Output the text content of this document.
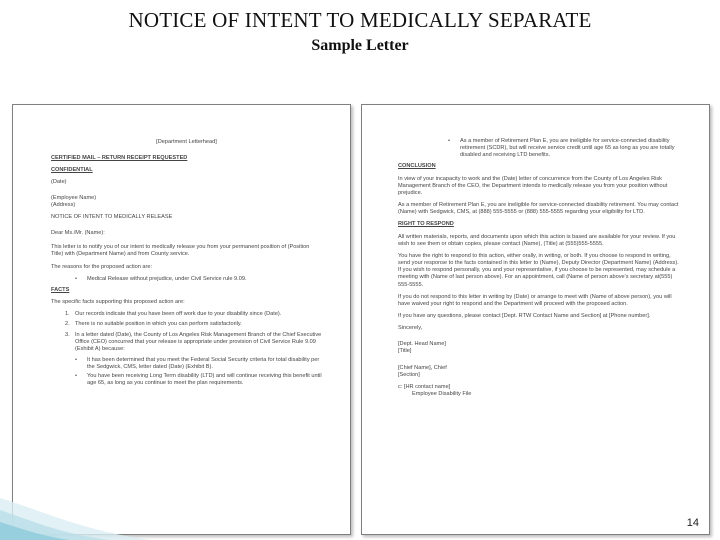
NOTICE OF INTENT TO MEDICALLY SEPARATE
Sample Letter

[Department Letterhead]

CERTIFIED MAIL – RETURN RECEIPT REQUESTED

CONFIDENTIAL

(Date)

(Employee Name)
(Address)

NOTICE OF INTENT TO MEDICALLY RELEASE

Dear Ms./Mr. (Name):

This letter is to notify you of our intent to medically release you from your permanent position of (Position Title) with (Department Name) and from County service.

The reasons for the proposed action are:

•	Medical Release without prejudice, under Civil Service rule 9.09.

FACTS

The specific facts supporting this proposed action are:

1. Our records indicate that you have been off work due to your disability since (Date).
2. There is no suitable position in which you can perform satisfactorily.
3. In a letter dated (Date), the County of Los Angeles Risk Management Branch of the Chief Executive Office (CEO) concurred that your release is appropriate under provision of Civil Service Rule 9.09 (Exhibit A) because:
•	It has been determined that you meet the Federal Social Security criteria for total disability per the Sedgwick, CMS, letter dated (Date) (Exhibit B).
•	You have been receiving Long Term disability (LTD) and will continue receiving this benefit until age 65, as long as you continue to meet the plan requirements.
•	As a member of Retirement Plan E, you are ineligible for service-connected disability retirement (SCDR), but will receive service credit until age 65 as long as you are totally disabled and receiving LTD benefits.

CONCLUSION

In view of your incapacity to work and the (Date) letter of concurrence from the County of Los Angeles Risk Management Branch of the CEO, the Department intends to medically release you from your position without prejudice.

As a member of Retirement Plan E, you are ineligible for service-connected disability retirement. You may contact (Name) with Sedgwick, CMS, at (888) 555-5555 or (888) 555-5555 regarding your eligibility for LTD.

RIGHT TO RESPOND

All written materials, reports, and documents upon which this action is based are available for your review. If you wish to see them or obtain copies, please contact (Name), (Title) at (555)555-5555.

You have the right to respond to this action, either orally, in writing, or both. If you choose to respond in writing, send your response to the facts contained in this letter to (Name), Deputy Director (Department Name) (Address). If you wish to respond personally, you and your representative, if you choose to be represented, may schedule a meeting with (Name of last person above). For an appointment, call (Name of person above's secretary at(555) 555-5555.

If you do not respond to this letter in writing by (Date) or arrange to meet with (Name of above person), you will have waived your right to respond and the Department will proceed with the proposed action.

If you have any questions, please contact [Dept. RTW Contact Name and Section] at [Phone number].

Sincerely,

[Dept. Head Name]
[Title]
[Chief Name], Chief
[Section]
c: [HR contact name]
Employee Disability File
14
